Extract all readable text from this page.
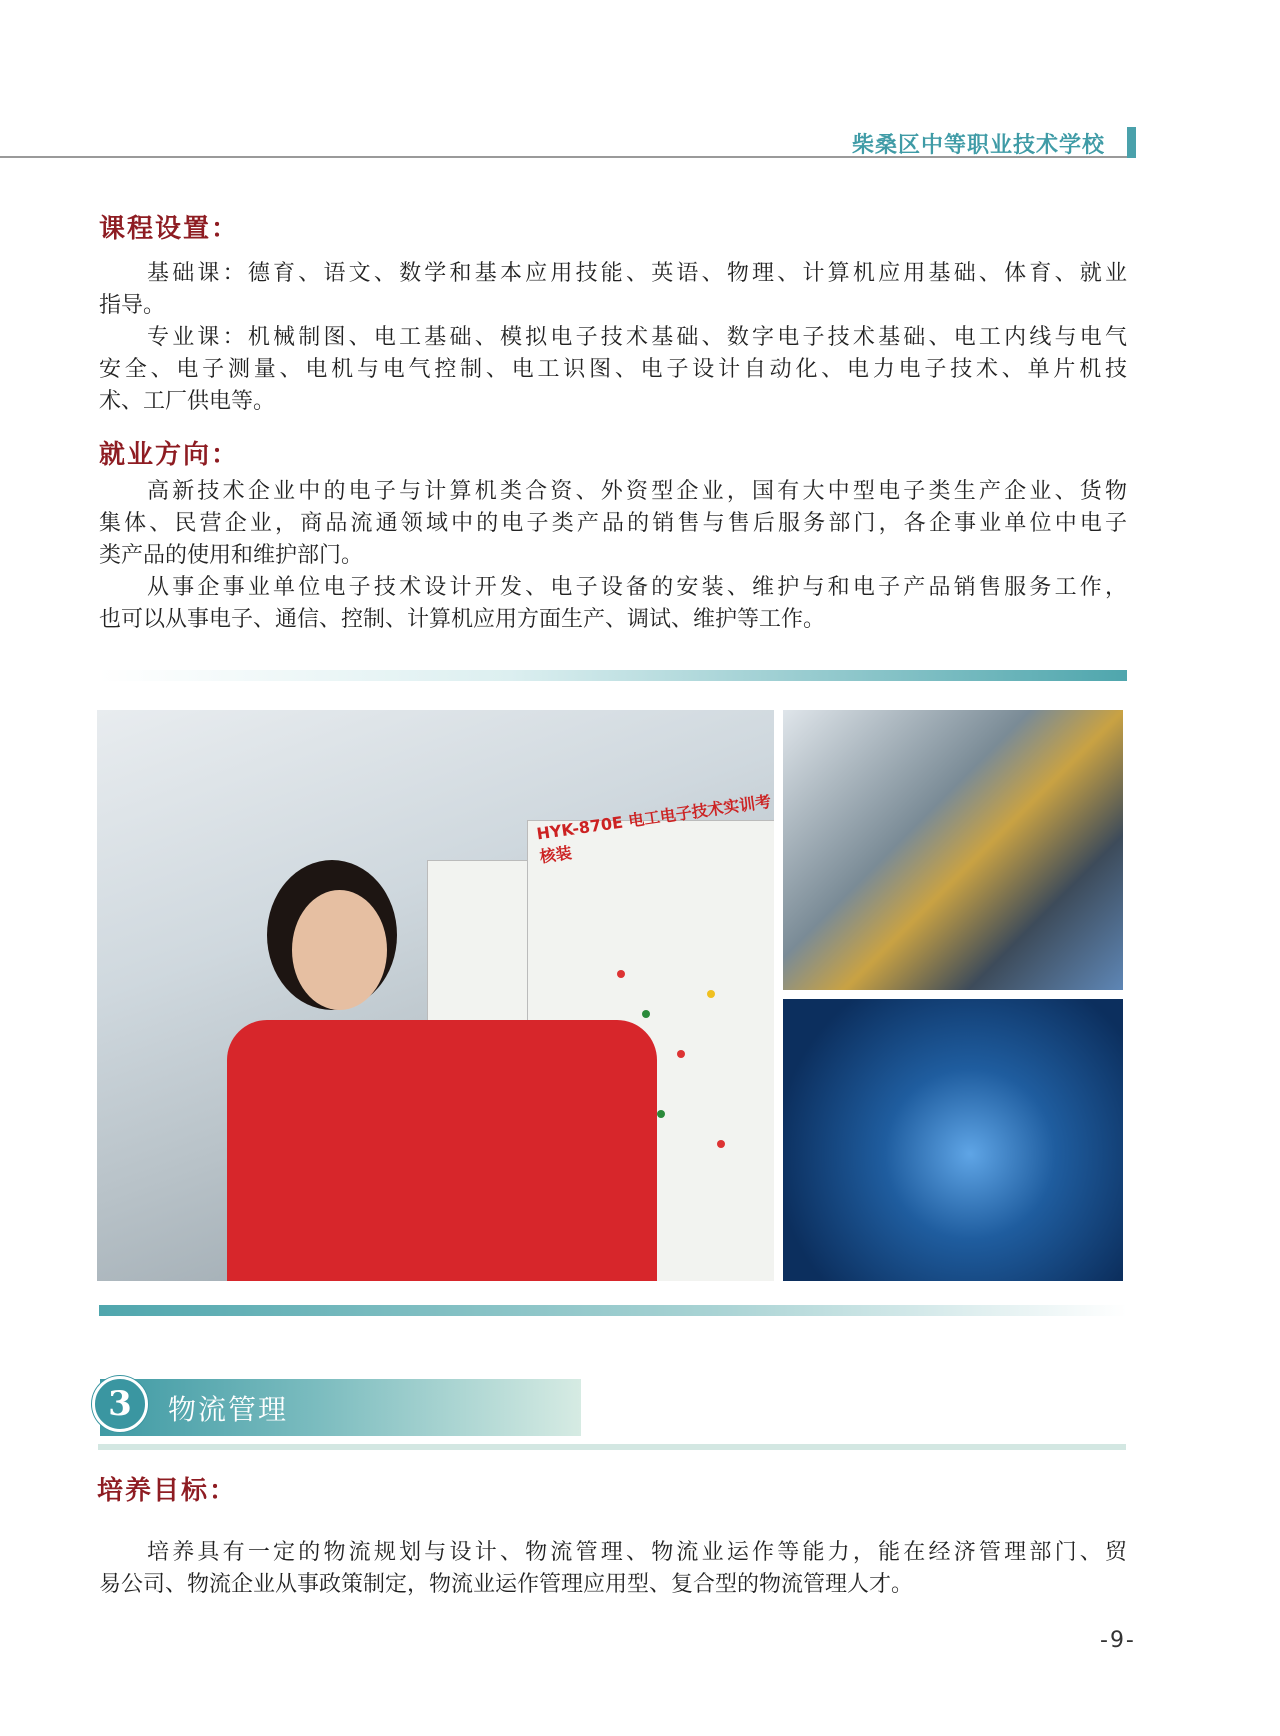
柴桑区中等职业技术学校
课程设置：
基础课：德育、语文、数学和基本应用技能、英语、物理、计算机应用基础、体育、就业
指导。
专业课：机械制图、电工基础、模拟电子技术基础、数字电子技术基础、电工内线与电气
安全、电子测量、电机与电气控制、电工识图、电子设计自动化、电力电子技术、单片机技
术、工厂供电等。
就业方向：
高新技术企业中的电子与计算机类合资、外资型企业，国有大中型电子类生产企业、货物
集体、民营企业，商品流通领域中的电子类产品的销售与售后服务部门，各企事业单位中电子
类产品的使用和维护部门。
从事企事业单位电子技术设计开发、电子设备的安装、维护与和电子产品销售服务工作，
也可以从事电子、通信、控制、计算机应用方面生产、调试、维护等工作。
HYK-870E 电工电子技术实训考核装
3	物流管理
培养目标：
培养具有一定的物流规划与设计、物流管理、物流业运作等能力，能在经济管理部门、贸
易公司、物流企业从事政策制定，物流业运作管理应用型、复合型的物流管理人才。
-9-
